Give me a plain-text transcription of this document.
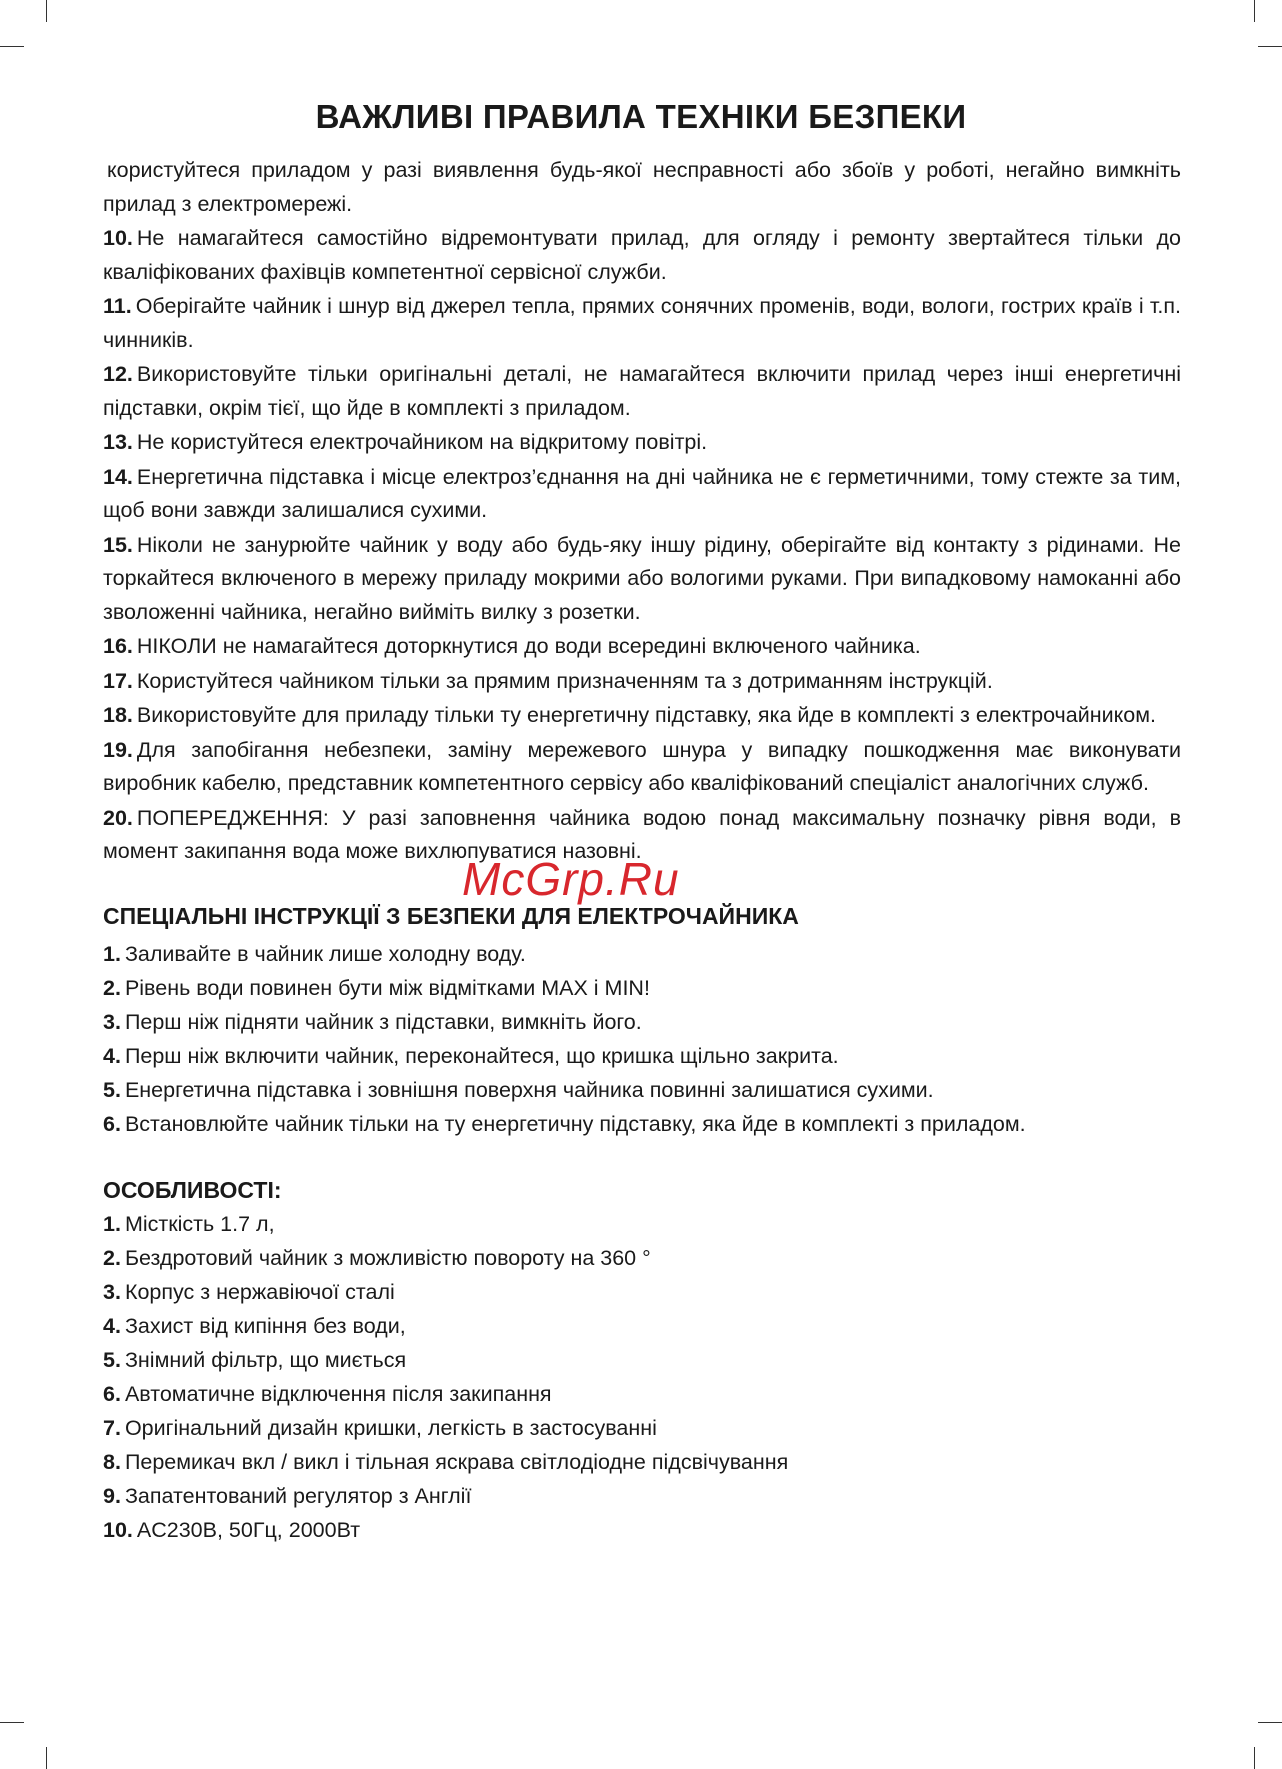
ВАЖЛИВІ ПРАВИЛА ТЕХНІКИ БЕЗПЕКИ

користуйтеся приладом у разі виявлення будь-якої несправності або збоїв у роботі, негайно вимкніть прилад з електромережі.

10. Не намагайтеся самостійно відремонтувати прилад, для огляду і ремонту звертайтеся тільки до кваліфікованих фахівців компетентної сервісної служби.

11. Оберігайте чайник і шнур від джерел тепла, прямих сонячних променів, води, вологи, гострих країв і т.п. чинників.

12. Використовуйте тільки оригінальні деталі, не намагайтеся включити прилад через інші енергетичні підставки, окрім тієї, що йде в комплекті з приладом.

13. Не користуйтеся електрочайником на відкритому повітрі.

14. Енергетична підставка і місце електроз’єднання на дні чайника не є герметичними, тому стежте за тим, щоб вони завжди залишалися сухими.

15. Ніколи не занурюйте чайник у воду або будь-яку іншу рідину, оберігайте від контакту з рідинами. Не торкайтеся включеного в мережу приладу мокрими або вологими руками. При випадковому намоканні або зволоженні чайника, негайно вийміть вилку з розетки.

16. НІКОЛИ не намагайтеся доторкнутися до води всередині включеного чайника.

17. Користуйтеся чайником тільки за прямим призначенням та з дотриманням інструкцій.

18. Використовуйте для приладу тільки ту енергетичну підставку, яка йде в комплекті з електрочайником.

19. Для запобігання небезпеки, заміну мережевого шнура у випадку пошкодження має виконувати виробник кабелю, представник компетентного сервісу або кваліфікований спеціаліст аналогічних служб.

20. ПОПЕРЕДЖЕННЯ: У разі заповнення чайника водою понад максимальну позначку рівня води, в момент закипання вода може вихлюпуватися назовні.

McGrp.Ru
СПЕЦІАЛЬНІ ІНСТРУКЦІЇ З БЕЗПЕКИ ДЛЯ ЕЛЕКТРОЧАЙНИКА
1. Заливайте в чайник лише холодну воду.
2. Рівень води повинен бути між відмітками MAX і MIN!
3. Перш ніж підняти чайник з підставки, вимкніть його.
4. Перш ніж включити чайник, переконайтеся, що кришка щільно закрита.
5. Енергетична підставка і зовнішня поверхня чайника повинні залишатися сухими.
6. Встановлюйте чайник тільки на ту енергетичну підставку, яка йде в комплекті з приладом.
ОСОБЛИВОСТІ:
1. Місткість 1.7 л,
2. Бездротовий чайник з можливістю повороту на 360 °
3. Корпус з нержавіючої сталі
4. Захист від кипіння без води,
5. Знімний фільтр, що миється
6. Автоматичне відключення після закипання
7. Оригінальний дизайн кришки, легкість в застосуванні
8. Перемикач вкл / викл і тільная яскрава світлодіодне підсвічування
9. Запатентований регулятор з Англії
10. AC230В, 50Гц, 2000Вт
